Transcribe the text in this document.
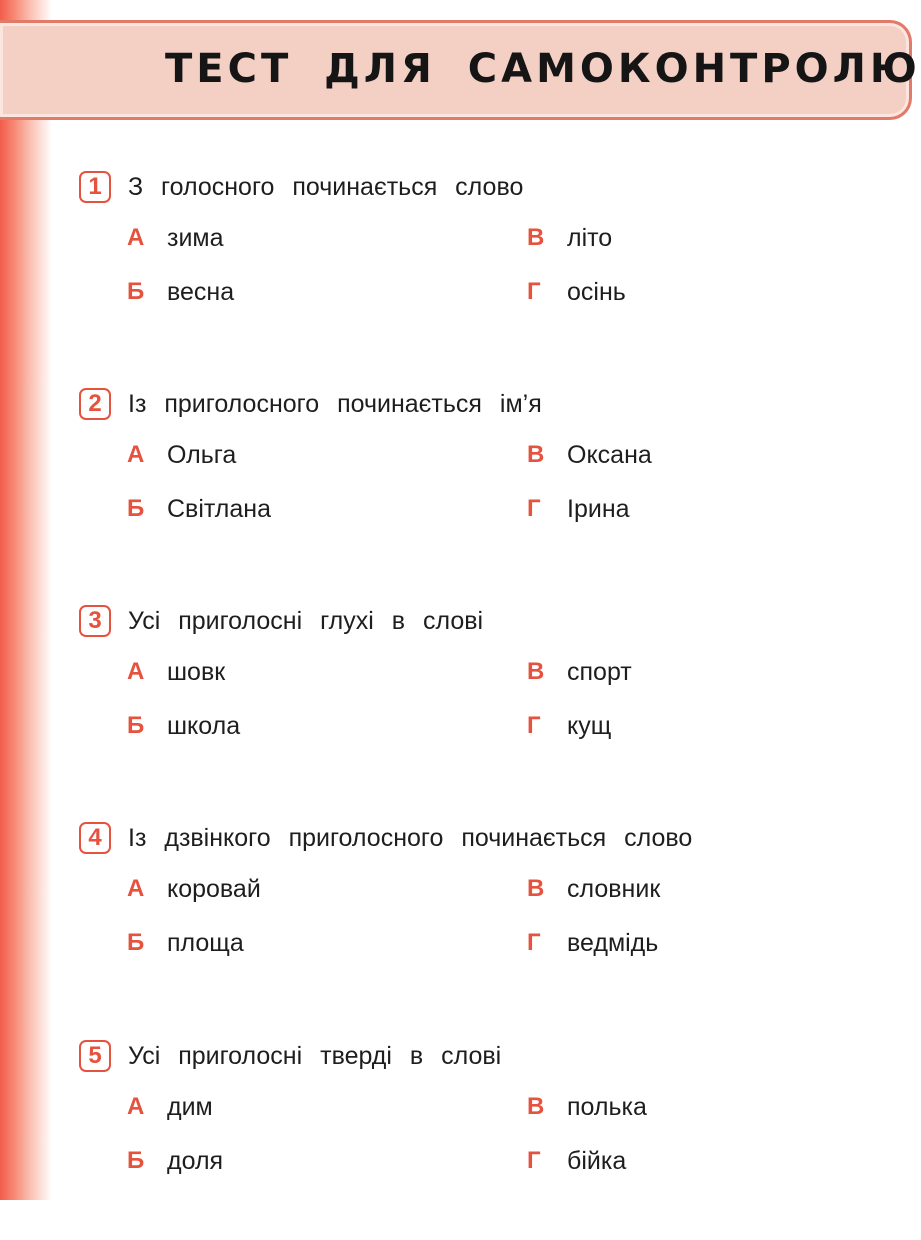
ТЕСТ ДЛЯ САМОКОНТРОЛЮ
1	З голосного починається слово
А зима
Б весна
В літо
Г осінь
2	Із приголосного починається ім’я
А Ольга
Б Світлана
В Оксана
Г Ірина
3	Усі приголосні глухі в слові
А шовк
Б школа
В спорт
Г кущ
4	Із дзвінкого приголосного починається слово
А коровай
Б площа
В словник
Г ведмідь
5	Усі приголосні тверді в слові
А дим
Б доля
В полька
Г бійка
